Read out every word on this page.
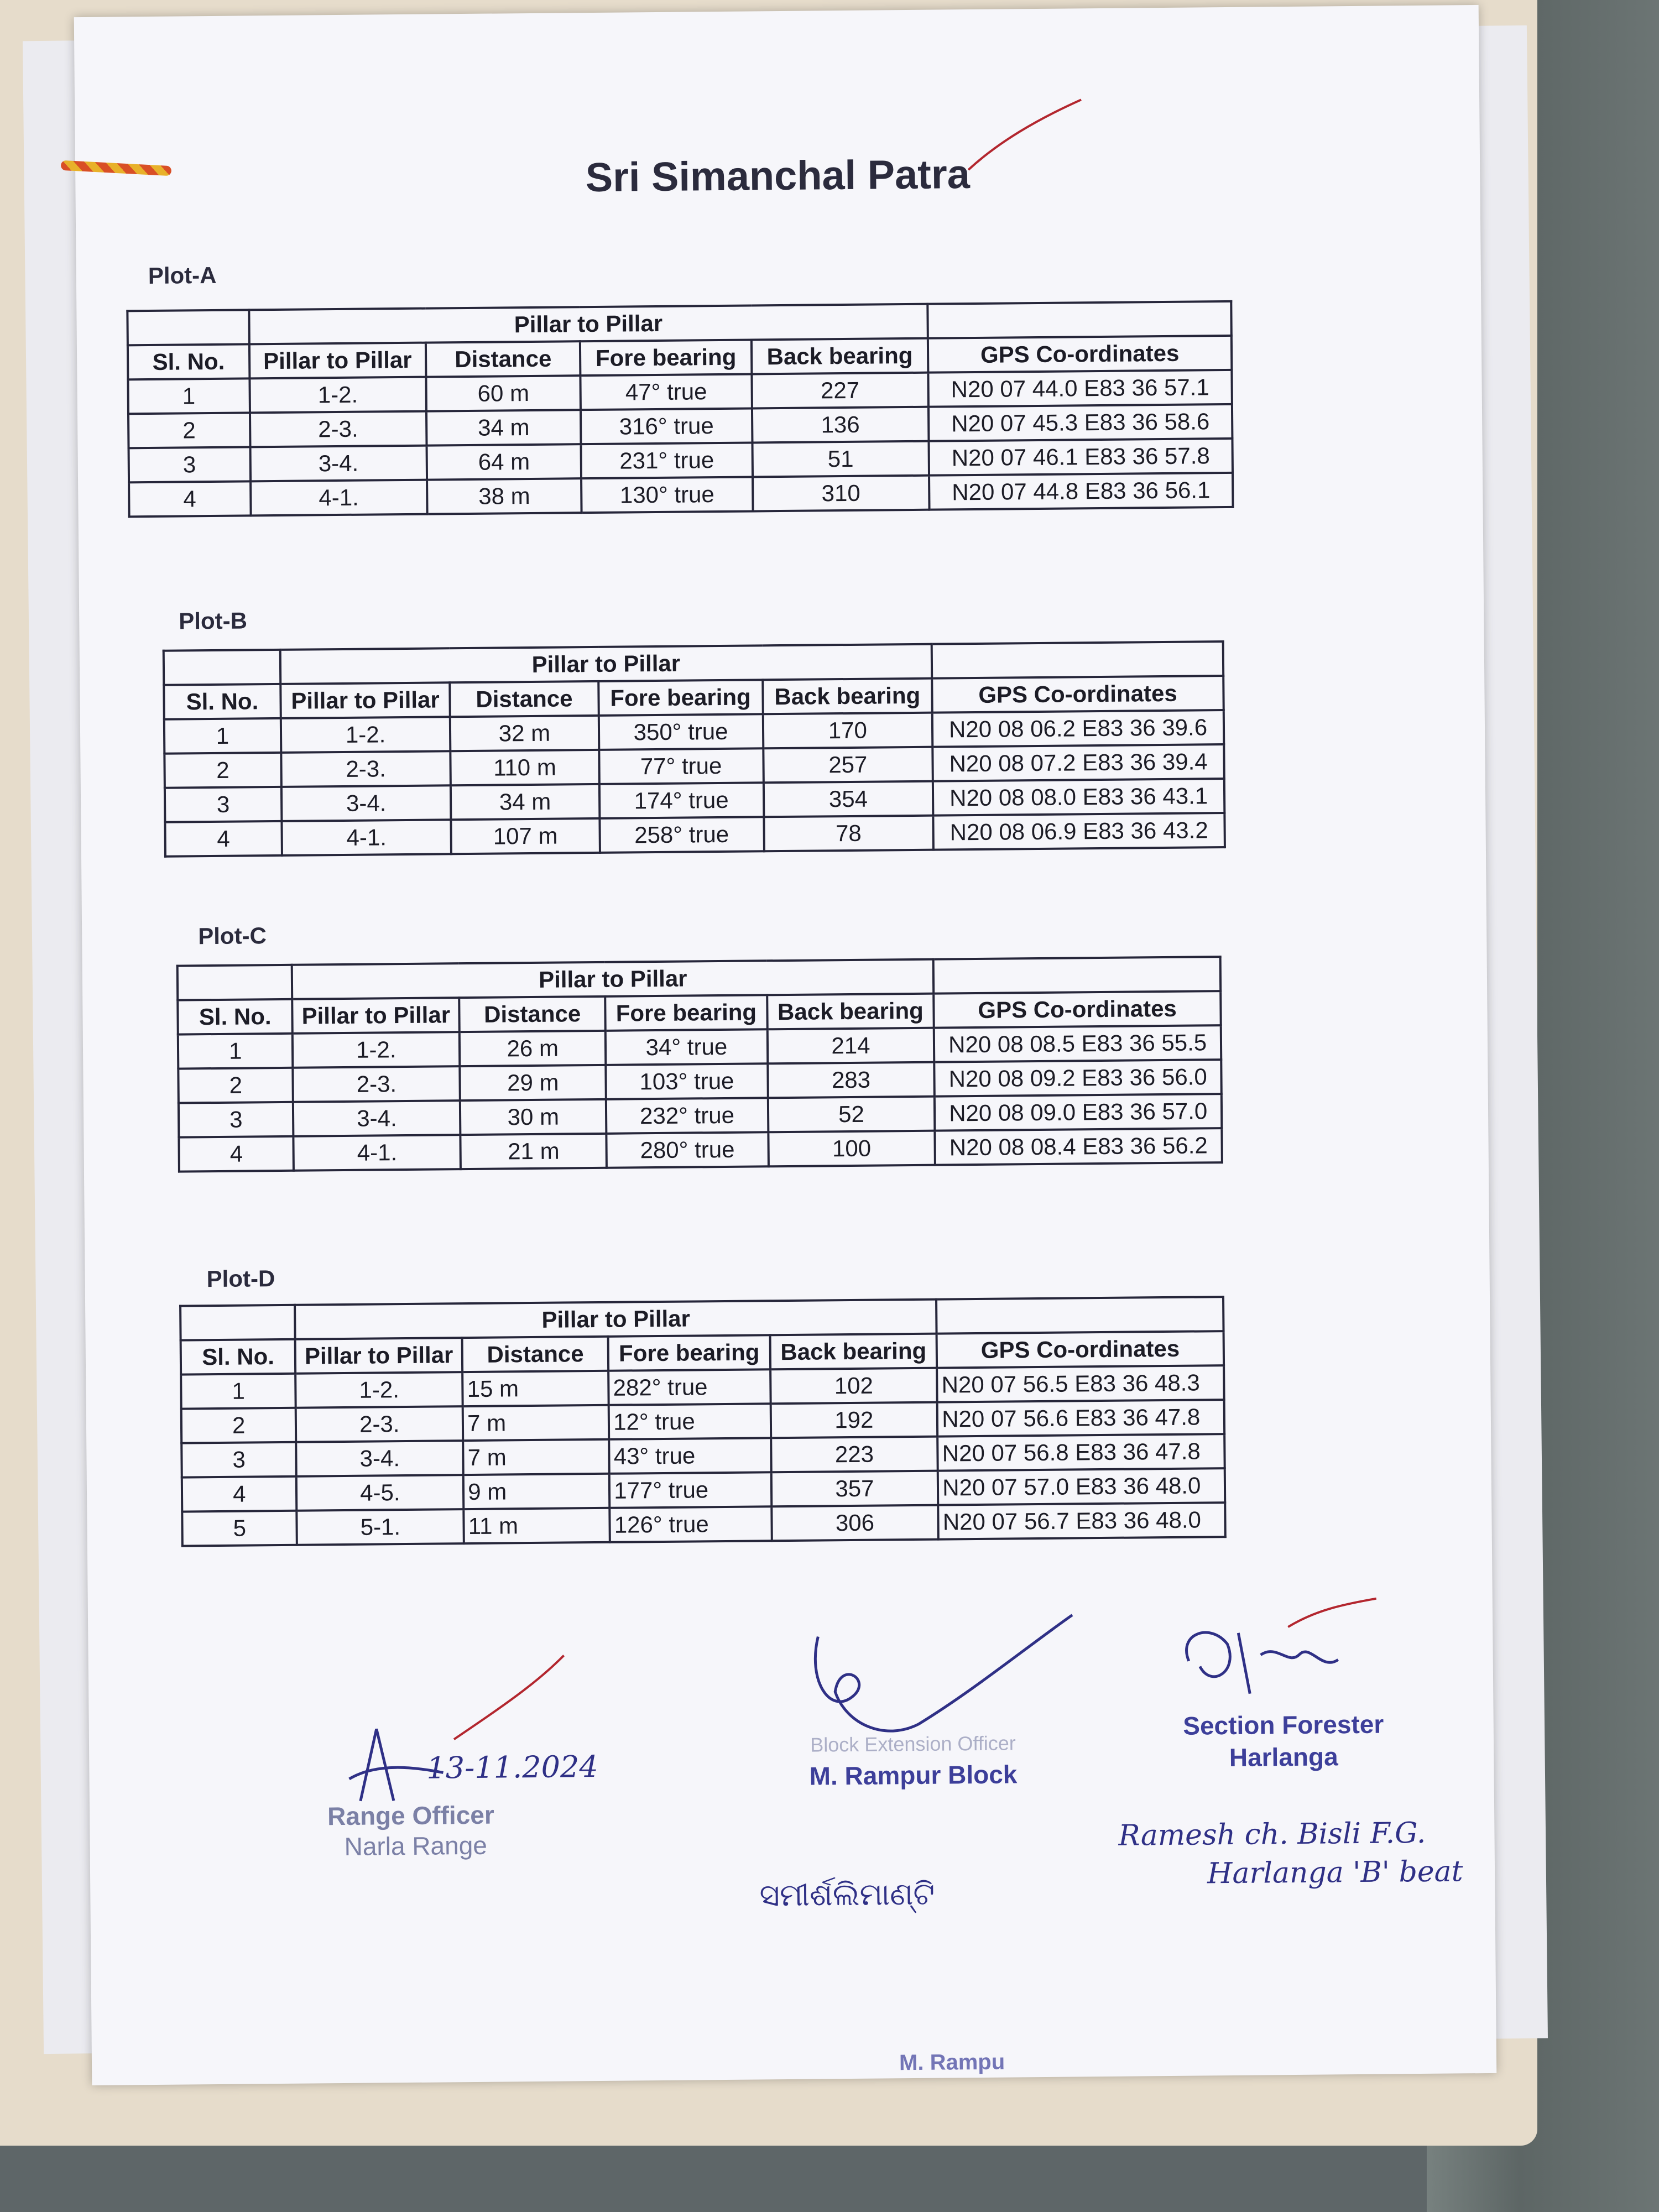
Sri Simanchal Patra
Plot-A
	Pillar to Pillar				
Sl. No.	Pillar to Pillar	Distance	Fore bearing	Back bearing	GPS Co-ordinates
1	1-2.	60 m	47° true	227	N20 07 44.0 E83 36 57.1
2	2-3.	34 m	316° true	136	N20 07 45.3 E83 36 58.6
3	3-4.	64 m	231° true	51	N20 07 46.1 E83 36 57.8
4	4-1.	38 m	130° true	310	N20 07 44.8 E83 36 56.1
Plot-B
	Pillar to Pillar				
Sl. No.	Pillar to Pillar	Distance	Fore bearing	Back bearing	GPS Co-ordinates
1	1-2.	32 m	350° true	170	N20 08 06.2 E83 36 39.6
2	2-3.	110 m	77° true	257	N20 08 07.2 E83 36 39.4
3	3-4.	34 m	174° true	354	N20 08 08.0 E83 36 43.1
4	4-1.	107 m	258° true	78	N20 08 06.9 E83 36 43.2
Plot-C
	Pillar to Pillar				
Sl. No.	Pillar to Pillar	Distance	Fore bearing	Back bearing	GPS Co-ordinates
1	1-2.	26 m	34° true	214	N20 08 08.5 E83 36 55.5
2	2-3.	29 m	103° true	283	N20 08 09.2 E83 36 56.0
3	3-4.	30 m	232° true	52	N20 08 09.0 E83 36 57.0
4	4-1.	21 m	280° true	100	N20 08 08.4 E83 36 56.2
Plot-D
	Pillar to Pillar				
Sl. No.	Pillar to Pillar	Distance	Fore bearing	Back bearing	GPS Co-ordinates
1	1-2.	15 m	282° true	102	N20 07 56.5 E83 36 48.3
2	2-3.	7 m	12° true	192	N20 07 56.6 E83 36 47.8
3	3-4.	7 m	43° true	223	N20 07 56.8 E83 36 47.8
4	4-5.	9 m	177° true	357	N20 07 57.0 E83 36 48.0
5	5-1.	11 m	126° true	306	N20 07 56.7 E83 36 48.0
13-11.2024
Range Officer
Narla Range
Block Extension Officer
M. Rampur Block
Section Forester
Harlanga
Ramesh ch. Bisli F.G.
Harlanga 'B' beat
ସମୀର୍ଶଲିମାଣ୍ଟି
M. Rampu
